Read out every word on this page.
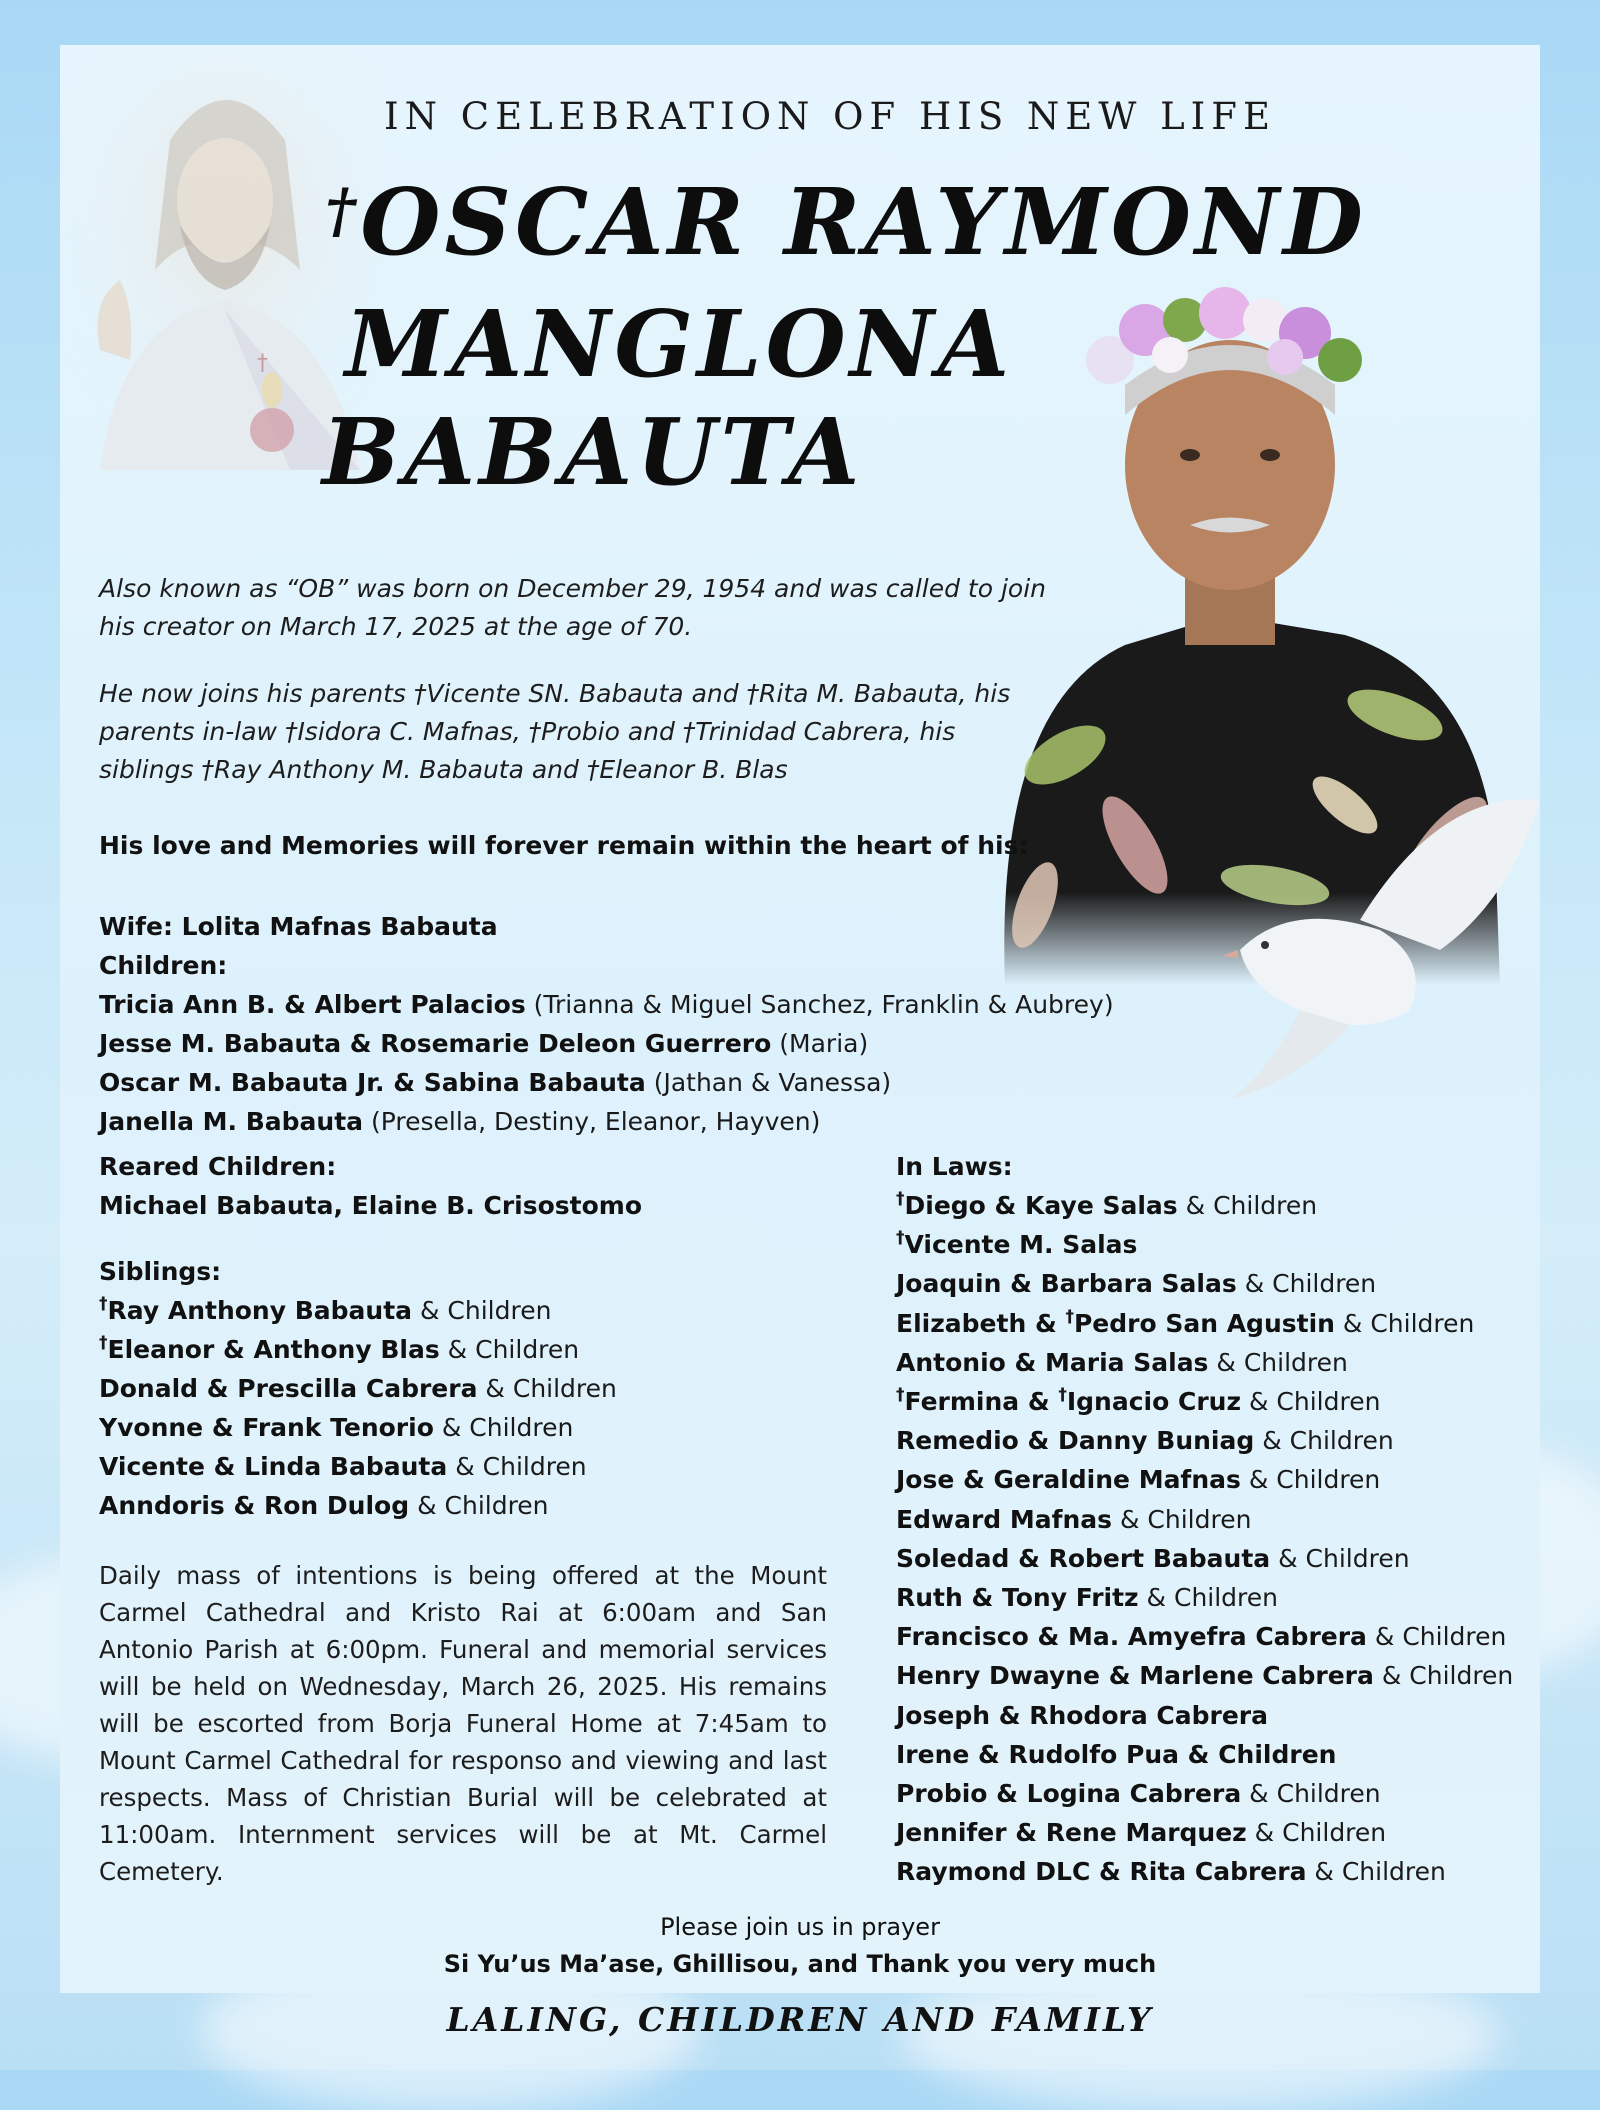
†
IN CELEBRATION OF HIS NEW LIFE
†OSCAR RAYMOND
MANGLONA
BABAUTA

Also known as “OB” was born on December 29, 1954 and was called to join his creator on March 17, 2025 at the age of 70.

He now joins his parents †Vicente SN. Babauta and †Rita M. Babauta, his parents in-law †Isidora C. Mafnas, †Probio and †Trinidad Cabrera, his siblings †Ray Anthony M. Babauta and †Eleanor B. Blas

His love and Memories will forever remain within the heart of his:
Wife: Lolita Mafnas Babauta
Children:
Tricia Ann B. & Albert Palacios (Trianna & Miguel Sanchez, Franklin & Aubrey)
Jesse M. Babauta & Rosemarie Deleon Guerrero (Maria)
Oscar M. Babauta Jr. & Sabina Babauta (Jathan & Vanessa)
Janella M. Babauta (Presella, Destiny, Eleanor, Hayven)
Reared Children:
Michael Babauta, Elaine B. Crisostomo
Siblings:
†Ray Anthony Babauta & Children
†Eleanor & Anthony Blas & Children
Donald & Prescilla Cabrera & Children
Yvonne & Frank Tenorio & Children
Vicente & Linda Babauta & Children
Anndoris & Ron Dulog & Children
In Laws:
†Diego & Kaye Salas & Children
†Vicente M. Salas
Joaquin & Barbara Salas & Children
Elizabeth & †Pedro San Agustin & Children
Antonio & Maria Salas & Children
†Fermina & †Ignacio Cruz & Children
Remedio & Danny Buniag & Children
Jose & Geraldine Mafnas & Children
Edward Mafnas & Children
Soledad & Robert Babauta & Children
Ruth & Tony Fritz & Children
Francisco & Ma. Amyefra Cabrera & Children
Henry Dwayne & Marlene Cabrera & Children
Joseph & Rhodora Cabrera
Irene & Rudolfo Pua & Children
Probio & Logina Cabrera & Children
Jennifer & Rene Marquez & Children
Raymond DLC & Rita Cabrera & Children

Daily mass of intentions is being offered at the Mount Carmel Cathedral and Kristo Rai at 6:00am and San Antonio Parish at 6:00pm. Funeral and memorial services will be held on Wednesday, March 26, 2025. His remains will be escorted from Borja Funeral Home at 7:45am to Mount Carmel Cathedral for responso and viewing and last respects. Mass of Christian Burial will be celebrated at 11:00am. Internment services will be at Mt. Carmel Cemetery.

Please join us in prayer
Si Yu’us Ma’ase, Ghillisou, and Thank you very much
LALING, CHILDREN AND FAMILY
